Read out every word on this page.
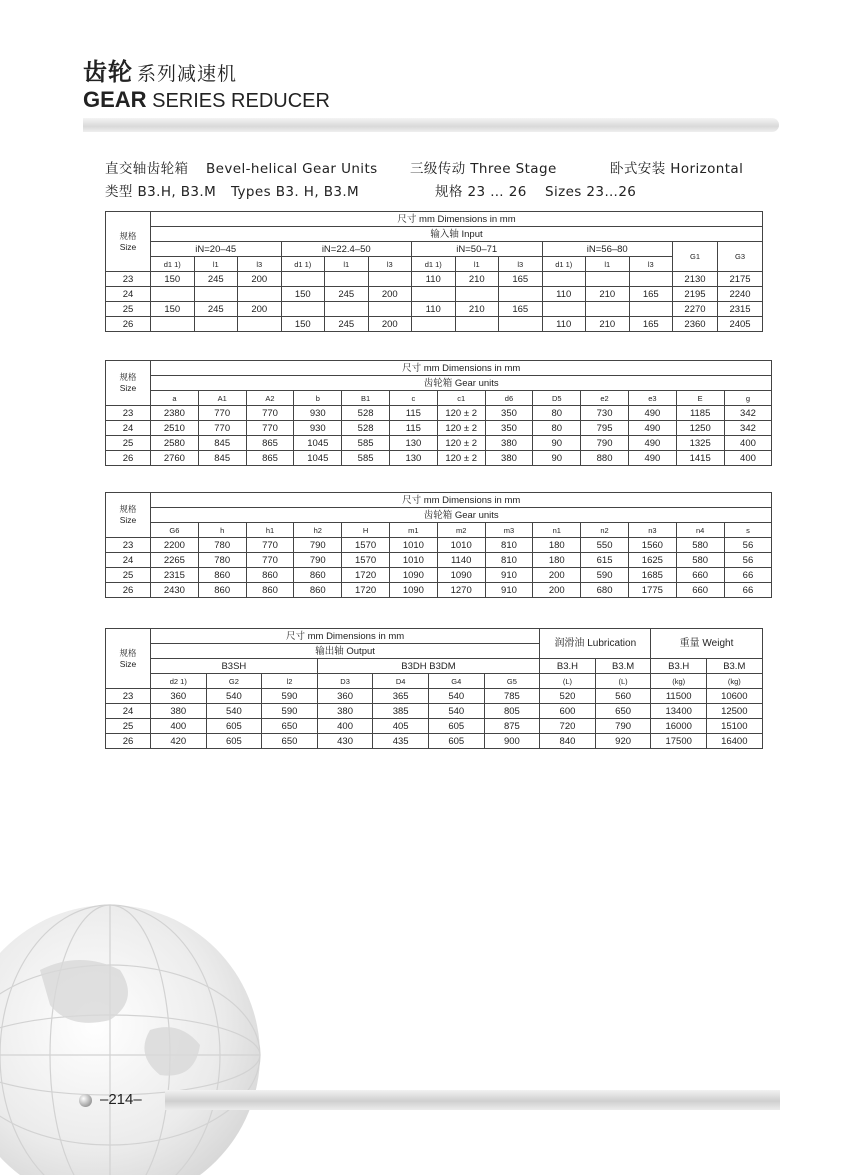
齿轮 系列减速机
GEAR SERIES REDUCER
直交轴齿轮箱 Bevel-helical Gear Units 三级传动 Three Stage	卧式安装 Horizontal
类型 B3.H, B3.M Types B3. H, B3.M	规格 23 … 26 Sizes 23…26
规格
Size	尺寸 mm Dimensions in mm													
	输入轴 Input													
	iN=20–45			iN=22.4–50			iN=50–71			iN=56–80			G1	G3
	d1 1)	l1	l3	d1 1)	l1	l3	d1 1)	l1	l3	d1 1)	l1	l3		
23	150	245	200				110	210	165				2130	2175
24				150	245	200				110	210	165	2195	2240
25	150	245	200				110	210	165				2270	2315
26				150	245	200				110	210	165	2360	2405
规格
Size	尺寸 mm Dimensions in mm												
	齿轮箱 Gear units												
	a	A1	A2	b	B1	c	c1	d6	D5	e2	e3	E	g
23	2380	770	770	930	528	115	120 ± 2	350	80	730	490	1185	342
24	2510	770	770	930	528	115	120 ± 2	350	80	795	490	1250	342
25	2580	845	865	1045	585	130	120 ± 2	380	90	790	490	1325	400
26	2760	845	865	1045	585	130	120 ± 2	380	90	880	490	1415	400
规格
Size	尺寸 mm Dimensions in mm												
	齿轮箱 Gear units												
	G6	h	h1	h2	H	m1	m2	m3	n1	n2	n3	n4	s
23	2200	780	770	790	1570	1010	1010	810	180	550	1560	580	56
24	2265	780	770	790	1570	1010	1140	810	180	615	1625	580	56
25	2315	860	860	860	1720	1090	1090	910	200	590	1685	660	66
26	2430	860	860	860	1720	1090	1270	910	200	680	1775	660	66
规格
Size	尺寸 mm Dimensions in mm							润滑油 Lubrication		重量 Weight	
	输出轴 Output										
	B3SH			B3DH B3DM				B3.H	B3.M	B3.H	B3.M
	d2 1)	G2	l2	D3	D4	G4	G5	(L)	(L)	(kg)	(kg)
23	360	540	590	360	365	540	785	520	560	11500	10600
24	380	540	590	380	385	540	805	600	650	13400	12500
25	400	605	650	400	405	605	875	720	790	16000	15100
26	420	605	650	430	435	605	900	840	920	17500	16400
–214–
